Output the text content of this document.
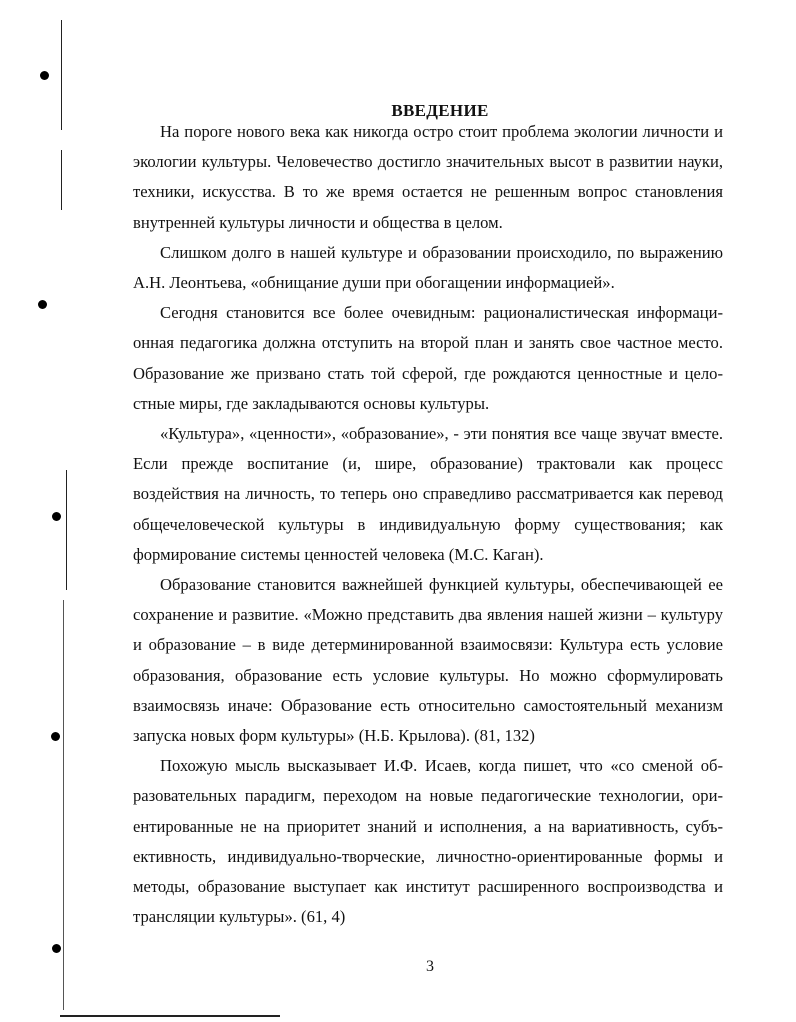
ВВЕДЕНИЕ

На пороге нового века как никогда остро стоит проблема экологии личности и экологии культуры. Человечество достигло значительных высот в развитии науки, техники, искусства. В то же время остается не решенным вопрос становления внутренней культуры личности и общества в целом.

Слишком долго в нашей культуре и образовании происходило, по выражению А.Н. Леонтьева, «обнищание души при обогащении информацией».

Сегодня становится все более очевидным: рационалистическая информационная педагогика должна отступить на второй план и занять свое частное место. Образование же призвано стать той сферой, где рождаются ценностные и целостные миры, где закладываются основы культуры.

«Культура», «ценности», «образование», - эти понятия все чаще звучат вместе. Если прежде воспитание (и, шире, образование) трактовали как процесс воздействия на личность, то теперь оно справедливо рассматривается как перевод общечеловеческой культуры в индивидуальную форму существования; как формирование системы ценностей человека (М.С. Каган).

Образование становится важнейшей функцией культуры, обеспечивающей ее сохранение и развитие. «Можно представить два явления нашей жизни – культуру и образование – в виде детерминированной взаимосвязи: Культура есть условие образования, образование есть условие культуры. Но можно сформулировать взаимосвязь иначе: Образование есть относительно самостоятельный механизм запуска новых форм культуры» (Н.Б. Крылова). (81, 132)

Похожую мысль высказывает И.Ф. Исаев, когда пишет, что «со сменой образовательных парадигм, переходом на новые педагогические технологии, ориентированные не на приоритет знаний и исполнения, а на вариативность, субъективность, индивидуально-творческие, личностно-ориентированные формы и методы, образование выступает как институт расширенного воспроизводства и трансляции культуры». (61, 4)

3
